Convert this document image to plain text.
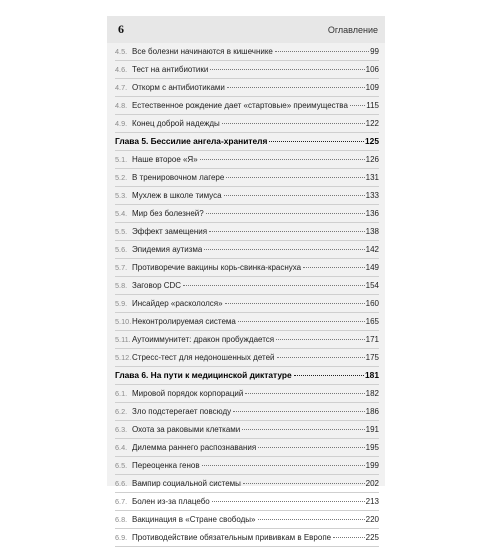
6	Оглавление
4.5. Все болезни начинаются в кишечнике	99
4.6. Тест на антибиотики	106
4.7. Откорм с антибиотиками	109
4.8. Естественное рождение дает «стартовые» преимущества 115
4.9. Конец доброй надежды	122
Глава 5. Бессилие ангела-хранителя	125
5.1. Наше второе «Я»	126
5.2. В тренировочном лагере	131
5.3. Мухлеж в школе тимуса	133
5.4. Мир без болезней?	136
5.5. Эффект замещения	138
5.6. Эпидемия аутизма	142
5.7. Противоречие вакцины корь-свинка-краснуха	149
5.8. Заговор CDC	154
5.9. Инсайдер «раскололся»	160
5.10. Неконтролируемая система	165
5.11. Аутоиммунитет: дракон пробуждается	171
5.12. Стресс-тест для недоношенных детей	175
Глава 6. На пути к медицинской диктатуре	181
6.1. Мировой порядок корпораций	182
6.2. Зло подстерегает повсюду	186
6.3. Охота за раковыми клетками	191
6.4. Дилемма раннего распознавания	195
6.5. Переоценка генов	199
6.6. Вампир социальной системы	202
6.7. Болен из-за плацебо	213
6.8. Вакцинация в «Стране свободы»	220
6.9. Противодействие обязательным прививкам в Европе	225
